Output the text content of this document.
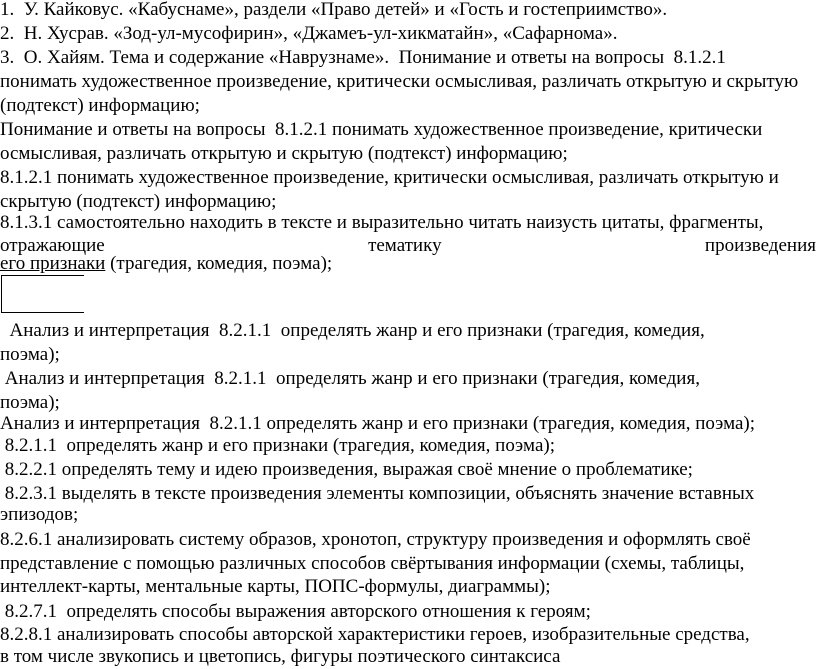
1.  У. Кайковус. «Кабуснаме», раздели «Право детей» и «Гость и гостеприимство».
2.  Н. Хусрав. «Зод-ул-мусофирин», «Джамеъ-ул-хикматайн», «Сафарнома».
3.  О. Хайям. Тема и содержание «Наврузнаме».  Понимание и ответы на вопросы  8.1.2.1
понимать художественное произведение, критически осмысливая, различать открытую и скрытую
(подтекст) информацию;
Понимание и ответы на вопросы  8.1.2.1 понимать художественное произведение, критически
осмысливая, различать открытую и скрытую (подтекст) информацию;
8.1.2.1 понимать художественное произведение, критически осмысливая, различать открытую и
скрытую (подтекст) информацию;
8.1.3.1 самостоятельно находить в тексте и выразительно читать наизусть цитаты, фрагменты,
отражающие	тематику	произведения
его признаки (трагедия, комедия, поэма);
Анализ и интерпретация  8.2.1.1  определять жанр и его признаки (трагедия, комедия,
поэма);
Анализ и интерпретация  8.2.1.1  определять жанр и его признаки (трагедия, комедия,
поэма);
Анализ и интерпретация  8.2.1.1 определять жанр и его признаки (трагедия, комедия, поэма);
8.2.1.1  определять жанр и его признаки (трагедия, комедия, поэма);
8.2.2.1 определять тему и идею произведения, выражая своё мнение о проблематике;
8.2.3.1 выделять в тексте произведения элементы композиции, объяснять значение вставных
эпизодов;
8.2.6.1 анализировать систему образов, хронотоп, структуру произведения и оформлять своё
представление с помощью различных способов свёртывания информации (схемы, таблицы,
интеллект-карты, ментальные карты, ПОПС-формулы, диаграммы);
8.2.7.1  определять способы выражения авторского отношения к героям;
8.2.8.1 анализировать способы авторской характеристики героев, изобразительные средства,
в том числе звукопись и цветопись, фигуры поэтического синтаксиса
